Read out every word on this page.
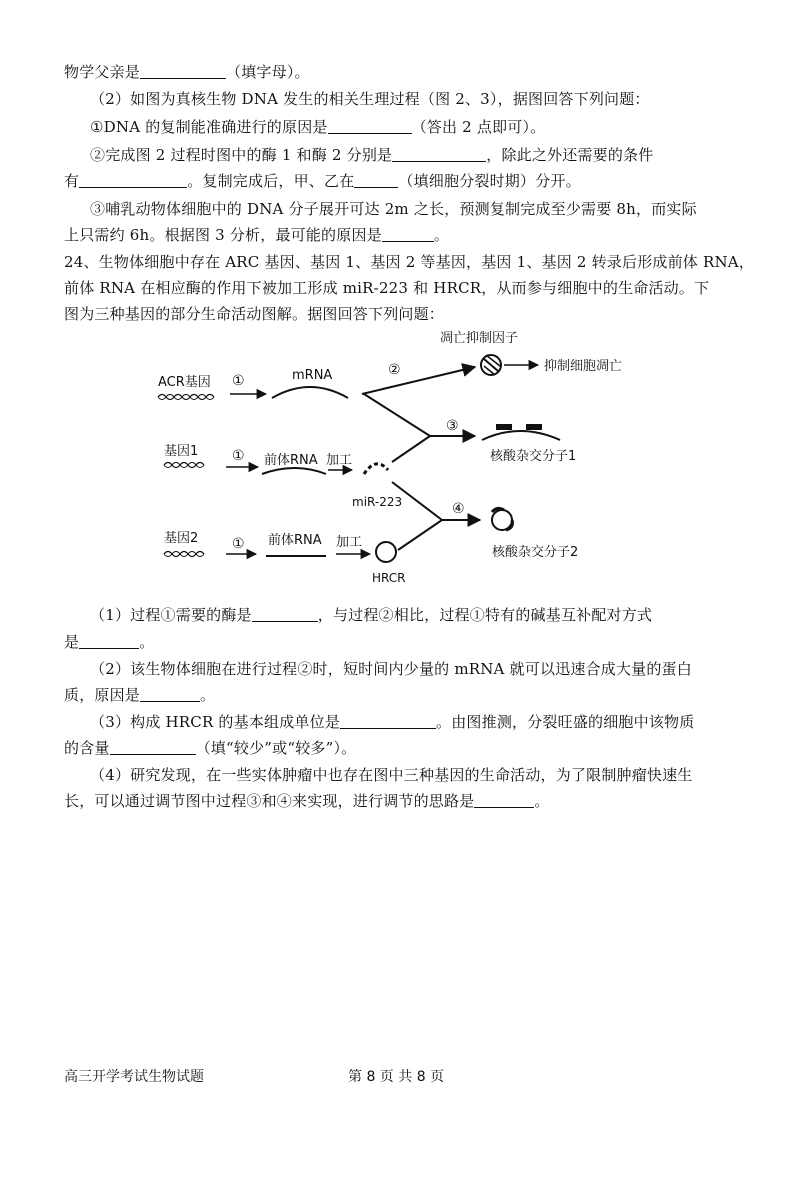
物学父亲是	（填字母）。
（2）如图为真核生物 DNA 发生的相关生理过程（图 2、3），据图回答下列问题：
①DNA 的复制能准确进行的原因是	（答出 2 点即可）。
②完成图 2 过程时图中的酶 1 和酶 2 分别是	，除此之外还需要的条件
有	。复制完成后，甲、乙在	（填细胞分裂时期）分开。
③哺乳动物体细胞中的 DNA 分子展开可达 2m 之长，预测复制完成至少需要 8h，而实际
上只需约 6h。根据图 3 分析，最可能的原因是	。
24、生物体细胞中存在 ARC 基因、基因 1、基因 2 等基因，基因 1、基因 2 转录后形成前体 RNA，
前体 RNA 在相应酶的作用下被加工形成 miR-223 和 HRCR，从而参与细胞中的生命活动。下
图为三种基因的部分生命活动图解。据图回答下列问题：
ACR基因 ①	mRNA	②
凋亡抑制因子
抑制细胞凋亡
基因1 ① 前体RNA 加工
miR-223
③
核酸杂交分子1
④
核酸杂交分子2
基因2 ① 前体RNA 加工
HRCR
（1）过程①需要的酶是	，与过程②相比，过程①特有的碱基互补配对方式
是	。
（2）该生物体细胞在进行过程②时，短时间内少量的 mRNA 就可以迅速合成大量的蛋白
质，原因是	。
（3）构成 HRCR 的基本组成单位是	。由图推测，分裂旺盛的细胞中该物质
的含量	（填“较少”或“较多”）。
（4）研究发现，在一些实体肿瘤中也存在图中三种基因的生命活动，为了限制肿瘤快速生
长，可以通过调节图中过程③和④来实现，进行调节的思路是	。
高三开学考试生物试题	第 8 页 共 8 页
